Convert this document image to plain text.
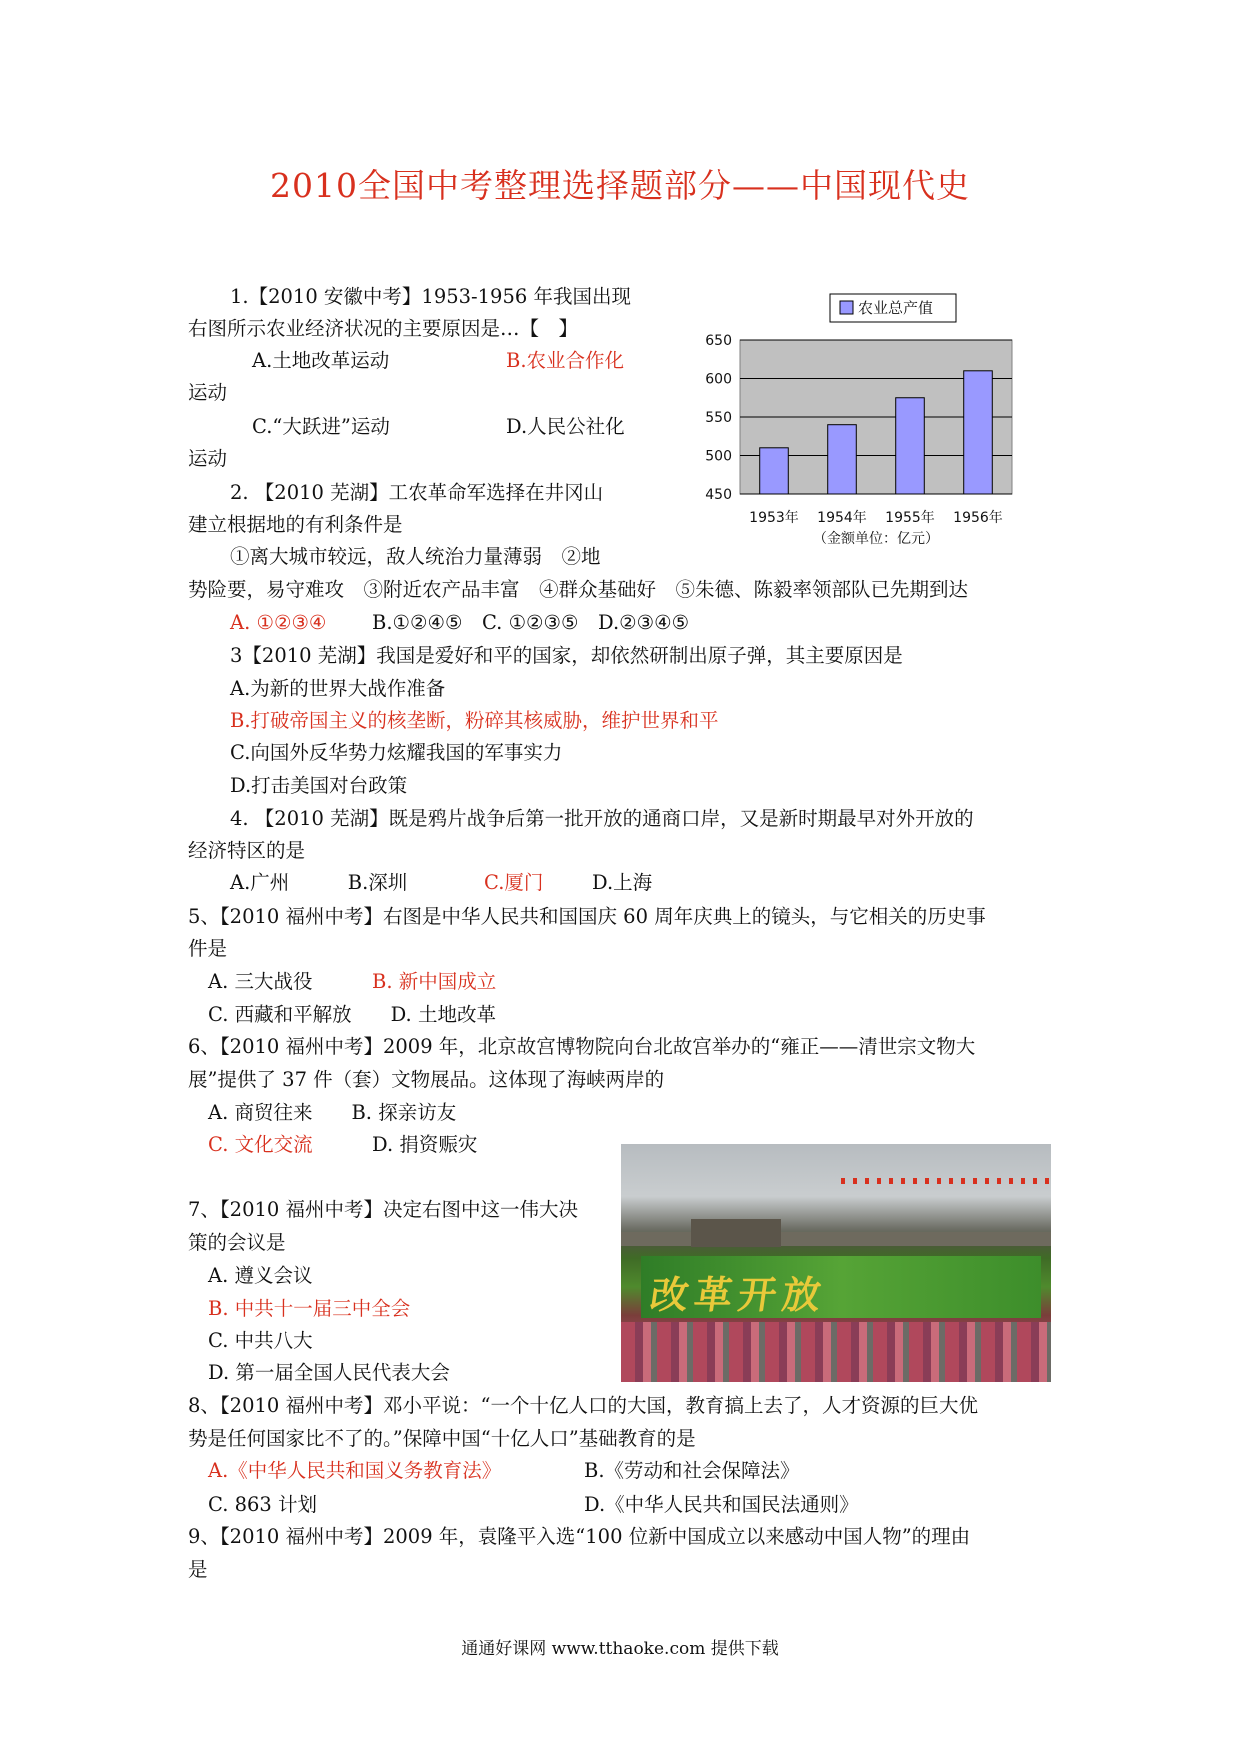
2010全国中考整理选择题部分——中国现代史
1.【2010 安徽中考】1953-1956 年我国出现
右图所示农业经济状况的主要原因是…【　】
A.土地改革运动	B.农业合作化
运动
C.“大跃进”运动	D.人民公社化
运动
2. 【2010 芜湖】工农革命军选择在井冈山
建立根据地的有利条件是
①离大城市较远，敌人统治力量薄弱　②地
势险要，易守难攻　③附近农产品丰富　④群众基础好　⑤朱德、陈毅率领部队已先期到达
A. ①②③④ B.①②④⑤　C. ①②③⑤　D.②③④⑤
3【2010 芜湖】我国是爱好和平的国家，却依然研制出原子弹，其主要原因是
A.为新的世界大战作准备
B.打破帝国主义的核垄断，粉碎其核威胁，维护世界和平
C.向国外反华势力炫耀我国的军事实力
D.打击美国对台政策
4. 【2010 芜湖】既是鸦片战争后第一批开放的通商口岸，又是新时期最早对外开放的
经济特区的是
A.广州　　　B.深圳	C.厦门 D.上海
5、【2010 福州中考】右图是中华人民共和国国庆 60 周年庆典上的镜头，与它相关的历史事
件是
A. 三大战役	B. 新中国成立
C. 西藏和平解放　　D. 土地改革
6、【2010 福州中考】2009 年，北京故宫博物院向台北故宫举办的“雍正——清世宗文物大
展”提供了 37 件（套）文物展品。这体现了海峡两岸的
A. 商贸往来　　B. 探亲访友
C. 文化交流	D. 捐资赈灾
7、【2010 福州中考】决定右图中这一伟大决
策的会议是
A. 遵义会议
B. 中共十一届三中全会
C. 中共八大
D. 第一届全国人民代表大会
8、【2010 福州中考】邓小平说：“一个十亿人口的大国，教育搞上去了，人才资源的巨大优
势是任何国家比不了的。”保障中国“十亿人口”基础教育的是
A.《中华人民共和国义务教育法》	B.《劳动和社会保障法》
C. 863 计划	D.《中华人民共和国民法通则》
9、【2010 福州中考】2009 年，袁隆平入选“100 位新中国成立以来感动中国人物”的理由
是
农业总产值
450
500
550
600
650
1953年 1954年 1955年 1956年
（金额单位：亿元）
改革开放
通通好课网 www.tthaoke.com 提供下载
